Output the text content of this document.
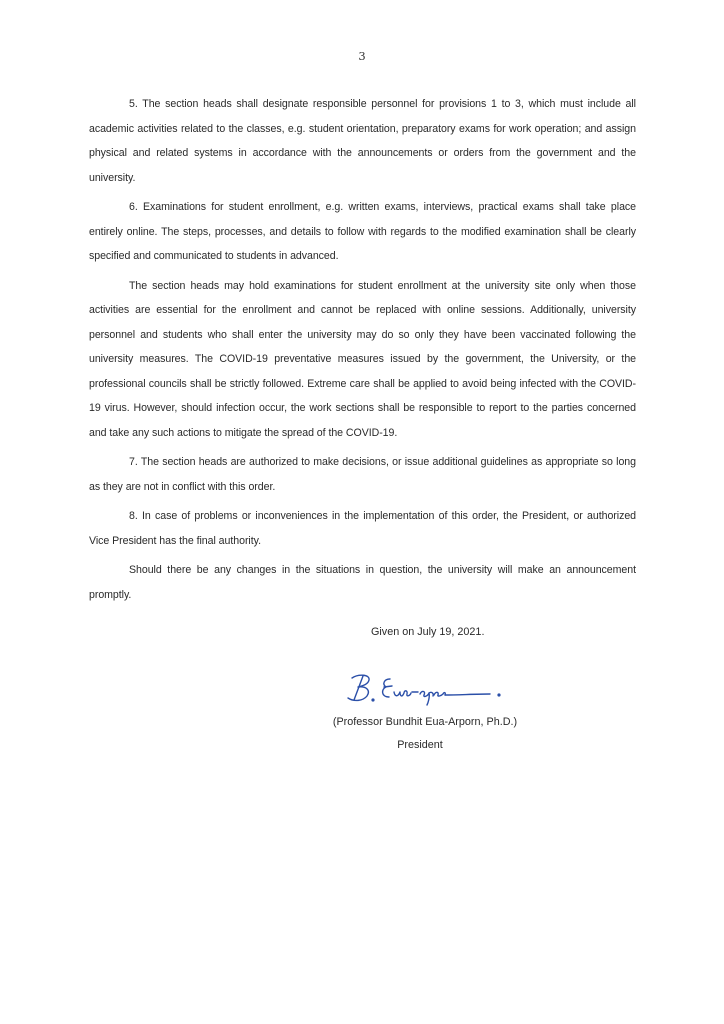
3

5. The section heads shall designate responsible personnel for provisions 1 to 3, which must include all academic activities related to the classes, e.g. student orientation, preparatory exams for work operation; and assign physical and related systems in accordance with the announcements or orders from the government and the university.

6. Examinations for student enrollment, e.g. written exams, interviews, practical exams shall take place entirely online. The steps, processes, and details to follow with regards to the modified examination shall be clearly specified and communicated to students in advanced.

The section heads may hold examinations for student enrollment at the university site only when those activities are essential for the enrollment and cannot be replaced with online sessions. Additionally, university personnel and students who shall enter the university may do so only they have been vaccinated following the university measures. The COVID-19 preventative measures issued by the government, the University, or the professional councils shall be strictly followed. Extreme care shall be applied to avoid being infected with the COVID-19 virus. However, should infection occur, the work sections shall be responsible to report to the parties concerned and take any such actions to mitigate the spread of the COVID-19.

7. The section heads are authorized to make decisions, or issue additional guidelines as appropriate so long as they are not in conflict with this order.

8. In case of problems or inconveniences in the implementation of this order, the President, or authorized Vice President has the final authority.

Should there be any changes in the situations in question, the university will make an announcement promptly.

Given on July 19, 2021.
(Professor Bundhit Eua-Arporn, Ph.D.)
President
